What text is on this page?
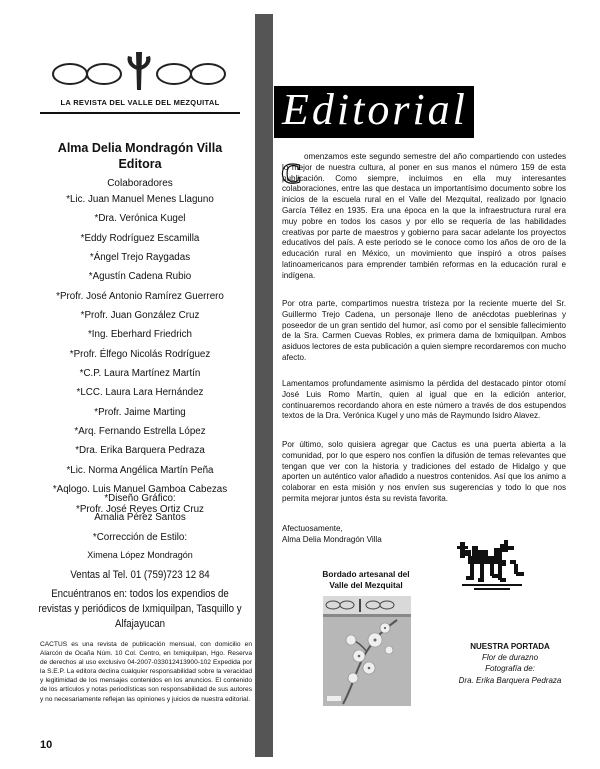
LA REVISTA DEL VALLE DEL MEZQUITAL
Alma Delia Mondragón Villa
Editora
Colaboradores
*Lic. Juan Manuel Menes Llaguno
*Dra. Verónica Kugel
*Eddy Rodríguez Escamilla
*Ángel Trejo Raygadas
*Agustín Cadena Rubio
*Profr. José Antonio Ramírez Guerrero
*Profr. Juan González Cruz
*Ing. Eberhard Friedrich
*Profr. Élfego Nicolás Rodríguez
*C.P. Laura Martínez Martín
*LCC. Laura Lara Hernández
*Profr. Jaime Marting
*Arq. Fernando Estrella López
*Dra. Erika Barquera Pedraza
*Lic. Norma Angélica Martín Peña
*Aqlogo. Luis Manuel Gamboa Cabezas
*Profr. José Reyes Ortiz Cruz
*Diseño Gráfico:
Amalia Pérez Santos
*Corrección de Estilo:
Ximena López Mondragón
Ventas al Tel. 01 (759)723 12 84
Encuéntranos en: todos los expendios de revistas y periódicos de Ixmiquilpan, Tasquillo y Alfajayucan
CACTUS es una revista de publicación mensual, con domicilio en Alarcón de Ocaña Núm. 10 Col. Centro, en Ixmiquilpan, Hgo. Reserva de derechos al uso exclusivo 04-2007-033012413900-102 Expedida por la S.E.P. La editora declina cualquier responsabilidad sobre la veracidad y legitimidad de los mensajes contenidos en los anuncios. El contenido de los artículos y notas periodísticas son responsabilidad de sus autores y no necesariamente reflejan las opiniones y juicios de nuestra editorial.
10
Editorial
C

omenzamos este segundo semestre del año compartiendo con ustedes lo mejor de nuestra cultura, al poner en sus manos el número 159 de esta publicación. Como siempre, incluimos en ella muy interesantes colaboraciones, entre las que destaca un importantísimo documento sobre los inicios de la escuela rural en el Valle del Mezquital, realizado por Ignacio García Téllez en 1935. Era una época en la que la infraestructura rural era muy pobre en todos los casos y por ello se requería de las habilidades creativas por parte de maestros y gobierno para sacar adelante los proyectos educativos del país. A este periodo se le conoce como los años de oro de la educación rural en México, un movimiento que inspiró a otros países latinoamericanos para emprender también reformas en la educación rural e indígena.

Por otra parte, compartimos nuestra tristeza por la reciente muerte del Sr. Guillermo Trejo Cadena, un personaje lleno de anécdotas pueblerinas y poseedor de un gran sentido del humor, así como por el sensible fallecimiento de la Sra. Carmen Cuevas Robles, ex primera dama de Ixmiquilpan. Ambos asiduos lectores de esta publicación a quien siempre recordaremos con mucho afecto.

Lamentamos profundamente asimismo la pérdida del destacado pintor otomí José Luis Romo Martín, quien al igual que en la edición anterior, continuaremos recordando ahora en este número a través de dos estupendos textos de la Dra. Verónica Kugel y uno más de Raymundo Isidro Alavez.

Por último, solo quisiera agregar que Cactus es una puerta abierta a la comunidad, por lo que espero nos confíen la difusión de temas relevantes que tengan que ver con la historia y tradiciones del estado de Hidalgo y que aporten un auténtico valor añadido a nuestros contenidos. Así que los animo a colaborar en esta misión y nos envíen sus sugerencias y todo lo que nos permita mejorar juntos ésta su revista favorita.

Afectuosamente,
Alma Delia Mondragón Villa
Bordado artesanal del Valle del Mezquital
NUESTRA PORTADA
Flor de durazno
Fotografía de:
Dra. Erika Barquera Pedraza
